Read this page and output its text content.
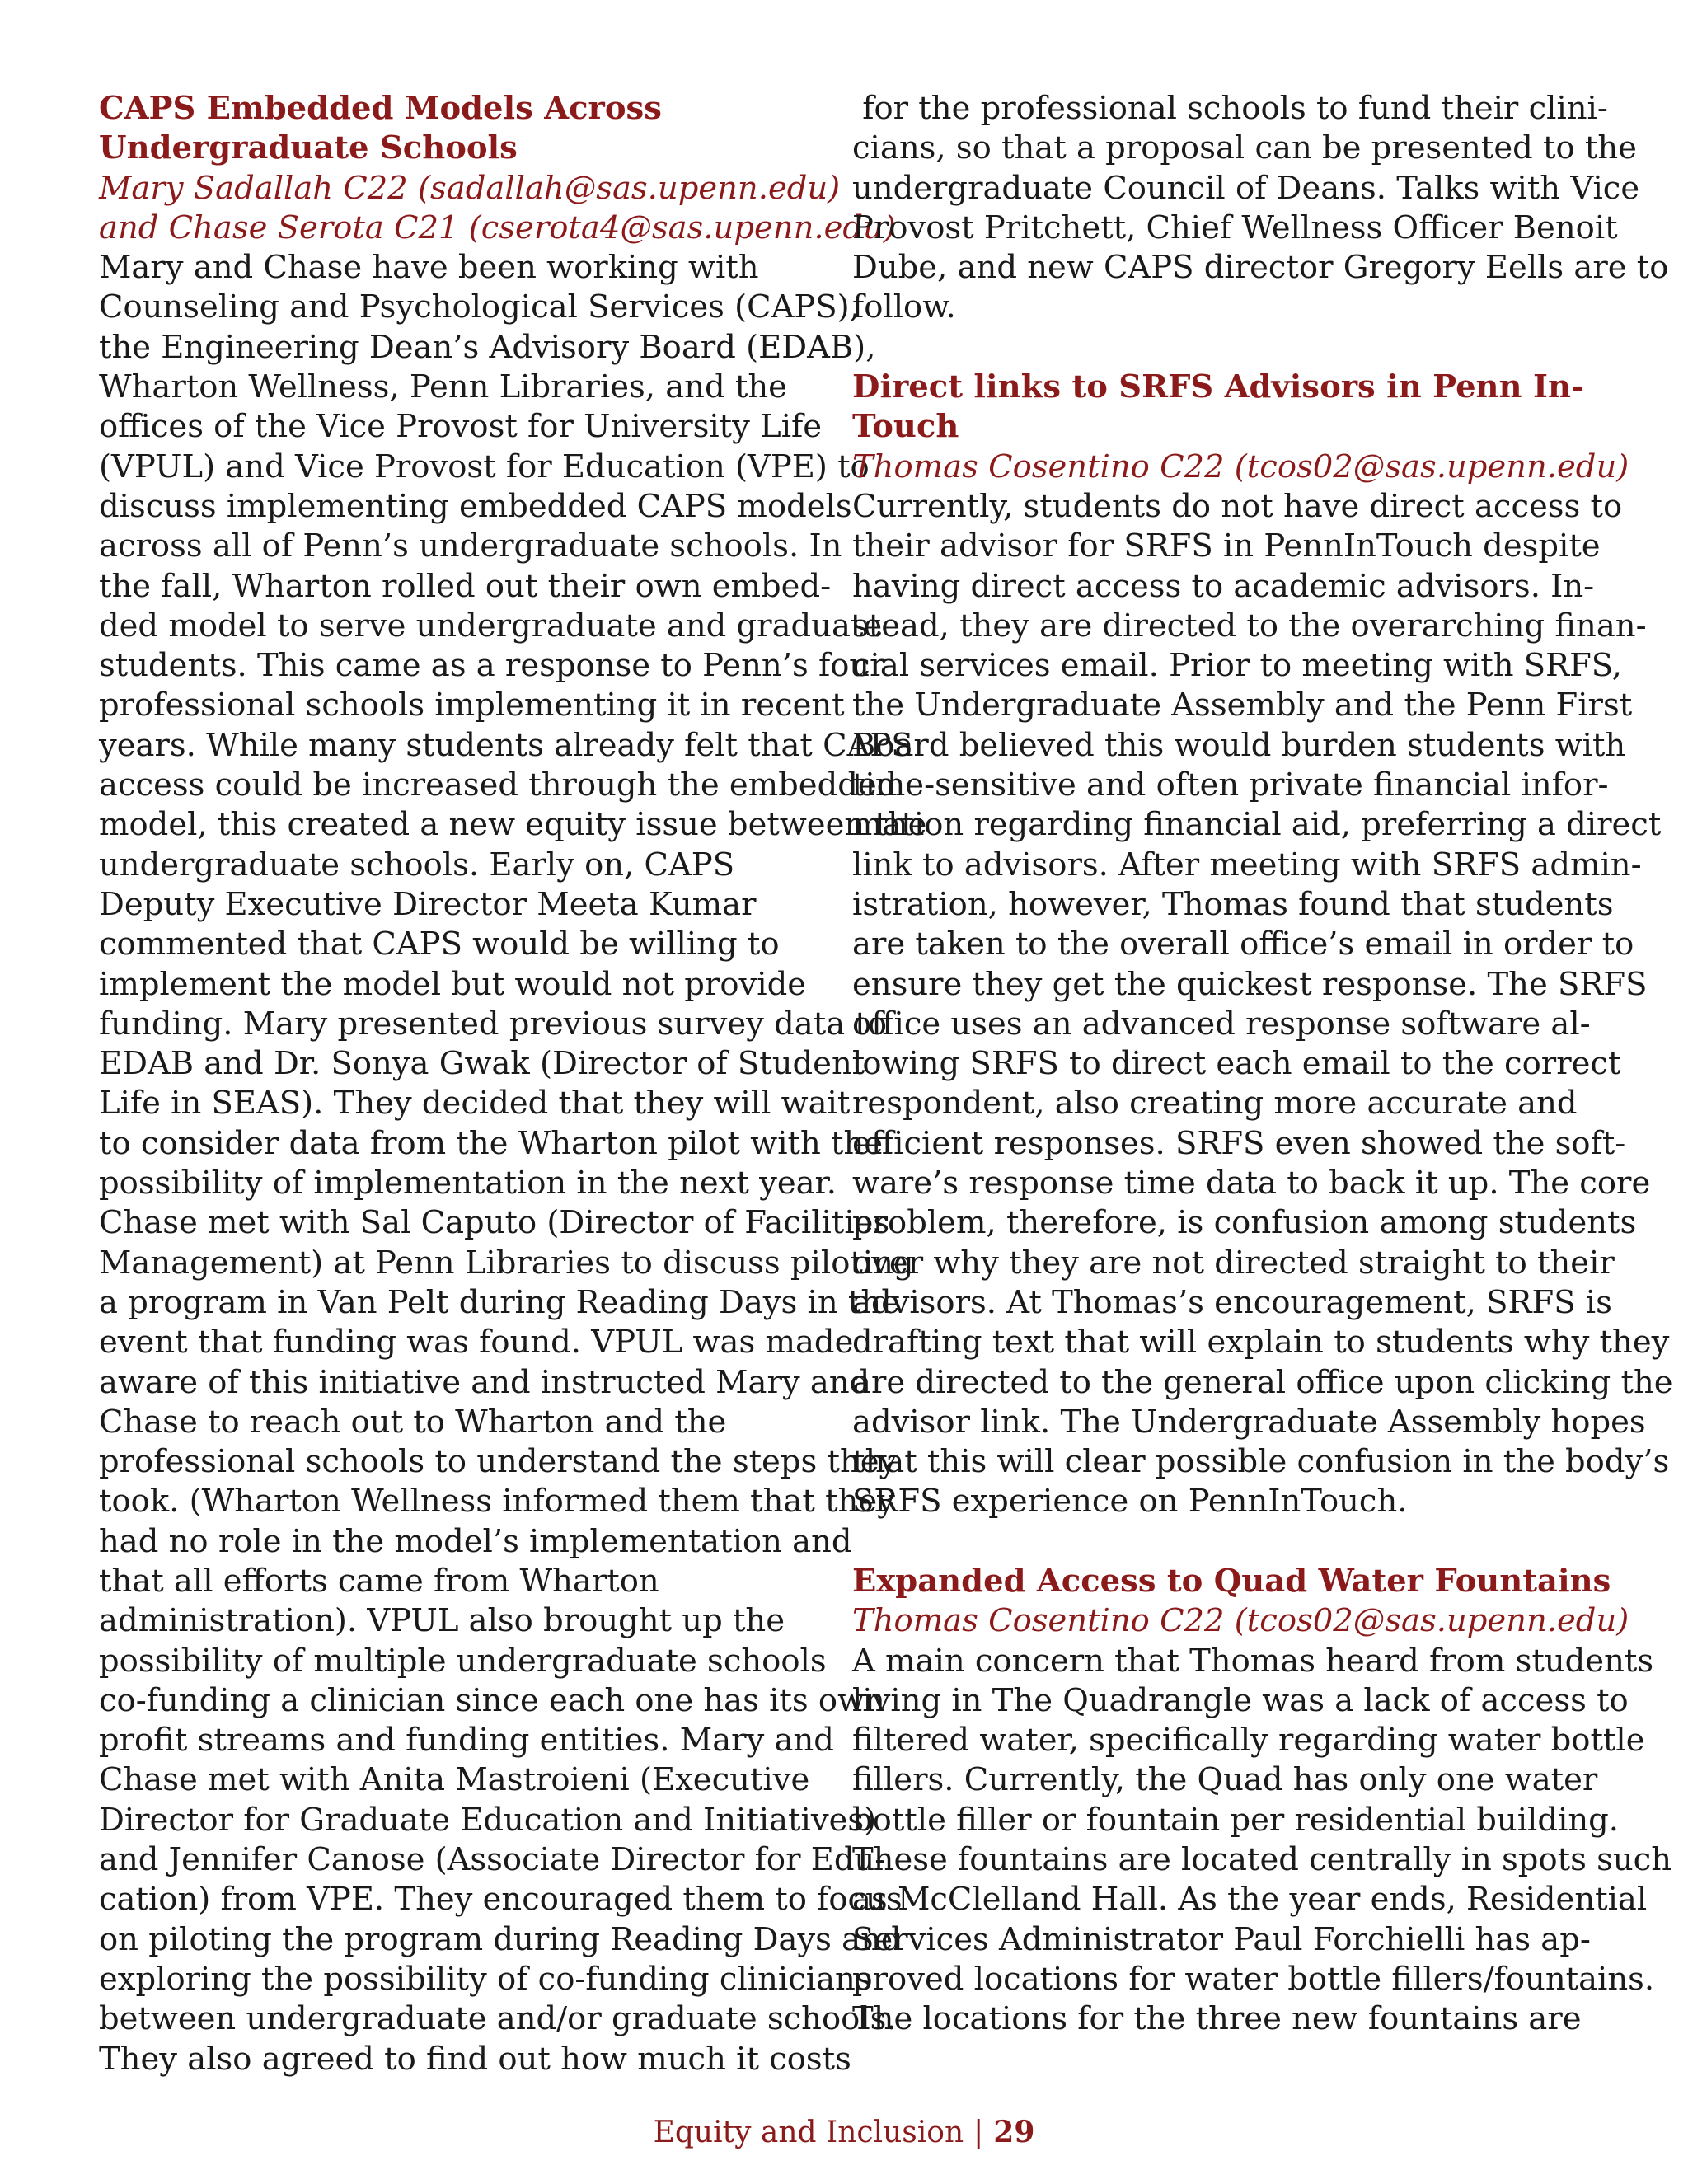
CAPS Embedded Models Across
Undergraduate Schools
Mary Sadallah C22 (sadallah@sas.upenn.edu)
and Chase Serota C21 (cserota4@sas.upenn.edu)
Mary and Chase have been working with
Counseling and Psychological Services (CAPS),
the Engineering Dean’s Advisory Board (EDAB),
Wharton Wellness, Penn Libraries, and the
offices of the Vice Provost for University Life
(VPUL) and Vice Provost for Education (VPE) to
discuss implementing embedded CAPS models
across all of Penn’s undergraduate schools. In
the fall, Wharton rolled out their own embed-
ded model to serve undergraduate and graduate
students. This came as a response to Penn’s four
professional schools implementing it in recent
years. While many students already felt that CAPS
access could be increased through the embedded
model, this created a new equity issue between the
undergraduate schools. Early on, CAPS
Deputy Executive Director Meeta Kumar
commented that CAPS would be willing to
implement the model but would not provide
funding. Mary presented previous survey data to
EDAB and Dr. Sonya Gwak (Director of Student
Life in SEAS). They decided that they will wait
to consider data from the Wharton pilot with the
possibility of implementation in the next year.
Chase met with Sal Caputo (Director of Facilities
Management) at Penn Libraries to discuss piloting
a program in Van Pelt during Reading Days in the
event that funding was found. VPUL was made
aware of this initiative and instructed Mary and
Chase to reach out to Wharton and the
professional schools to understand the steps they
took. (Wharton Wellness informed them that they
had no role in the model’s implementation and
that all efforts came from Wharton
administration). VPUL also brought up the
possibility of multiple undergraduate schools
co-funding a clinician since each one has its own
profit streams and funding entities. Mary and
Chase met with Anita Mastroieni (Executive
Director for Graduate Education and Initiatives)
and Jennifer Canose (Associate Director for Edu-
cation) from VPE. They encouraged them to focus
on piloting the program during Reading Days and
exploring the possibility of co-funding clinicians
between undergraduate and/or graduate schools.
They also agreed to find out how much it costs
for the professional schools to fund their clini-
cians, so that a proposal can be presented to the
undergraduate Council of Deans. Talks with Vice
Provost Pritchett, Chief Wellness Officer Benoit
Dube, and new CAPS director Gregory Eells are to
follow.
Direct links to SRFS Advisors in Penn In-
Touch
Thomas Cosentino C22 (tcos02@sas.upenn.edu)
Currently, students do not have direct access to
their advisor for SRFS in PennInTouch despite
having direct access to academic advisors. In-
stead, they are directed to the overarching finan-
cial services email. Prior to meeting with SRFS,
the Undergraduate Assembly and the Penn First
Board believed this would burden students with
time-sensitive and often private financial infor-
mation regarding financial aid, preferring a direct
link to advisors. After meeting with SRFS admin-
istration, however, Thomas found that students
are taken to the overall office’s email in order to
ensure they get the quickest response. The SRFS
office uses an advanced response software al-
lowing SRFS to direct each email to the correct
respondent, also creating more accurate and
efficient responses. SRFS even showed the soft-
ware’s response time data to back it up. The core
problem, therefore, is confusion among students
over why they are not directed straight to their
advisors. At Thomas’s encouragement, SRFS is
drafting text that will explain to students why they
are directed to the general office upon clicking the
advisor link. The Undergraduate Assembly hopes
that this will clear possible confusion in the body’s
SRFS experience on PennInTouch.
Expanded Access to Quad Water Fountains
Thomas Cosentino C22 (tcos02@sas.upenn.edu)
A main concern that Thomas heard from students
living in The Quadrangle was a lack of access to
filtered water, specifically regarding water bottle
fillers. Currently, the Quad has only one water
bottle filler or fountain per residential building.
These fountains are located centrally in spots such
as McClelland Hall. As the year ends, Residential
Services Administrator Paul Forchielli has ap-
proved locations for water bottle fillers/fountains.
The locations for the three new fountains are
Equity and Inclusion | 29
